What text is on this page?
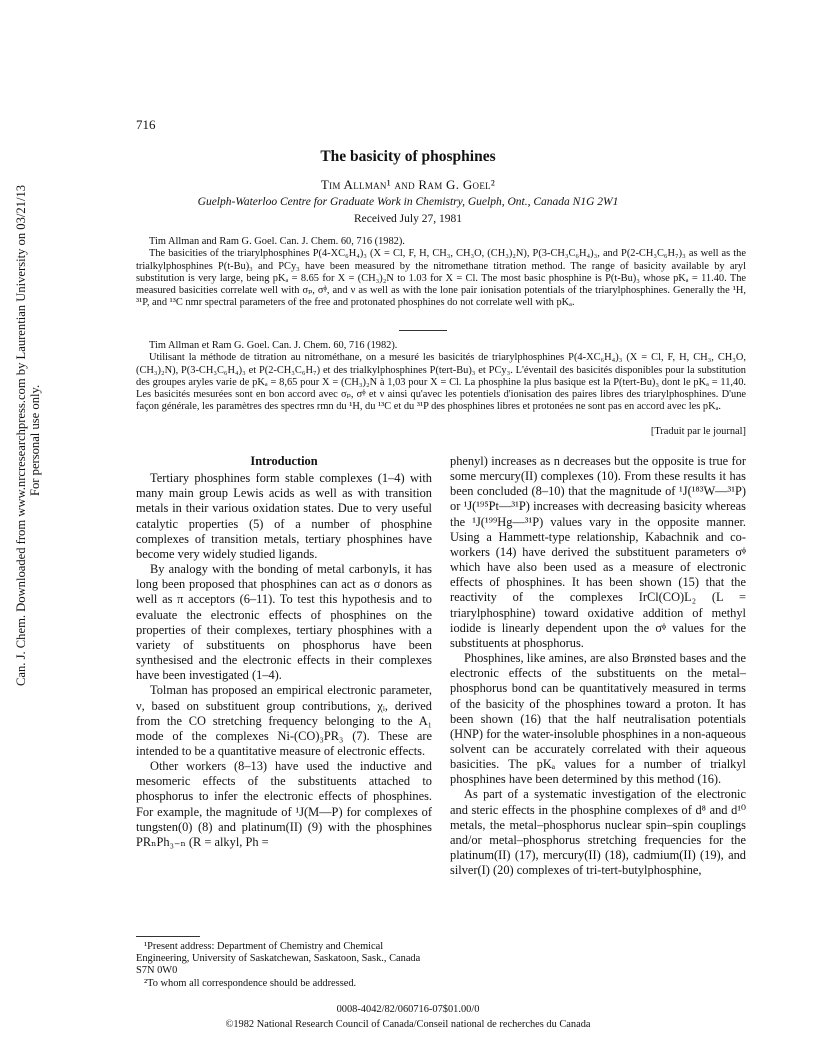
Can. J. Chem. Downloaded from www.nrcresearchpress.com by Laurentian University on 03/21/13 For personal use only.
716
The basicity of phosphines
Tim Allman¹ and Ram G. Goel²
Guelph-Waterloo Centre for Graduate Work in Chemistry, Guelph, Ont., Canada N1G 2W1
Received July 27, 1981

Tim Allman and Ram G. Goel. Can. J. Chem. 60, 716 (1982).

The basicities of the triarylphosphines P(4-XC₆H₄)₃ (X = Cl, F, H, CH₃, CH₃O, (CH₃)₂N), P(3-CH₃C₆H₄)₃, and P(2-CH₃C₆H₇)₃ as well as the trialkylphosphines P(t-Bu)₃ and PCy₃ have been measured by the nitromethane titration method. The range of basicity available by aryl substitution is very large, being pKₐ = 8.65 for X = (CH₃)₂N to 1.03 for X = Cl. The most basic phosphine is P(t-Bu)₃ whose pKₐ = 11.40. The measured basicities correlate well with σₚ, σᶲ, and ν as well as with the lone pair ionisation potentials of the triarylphosphines. Generally the ¹H, ³¹P, and ¹³C nmr spectral parameters of the free and protonated phosphines do not correlate well with pKₐ.

Tim Allman et Ram G. Goel. Can. J. Chem. 60, 716 (1982).

Utilisant la méthode de titration au nitrométhane, on a mesuré les basicités de triarylphosphines P(4-XC₆H₄)₃ (X = Cl, F, H, CH₃, CH₃O, (CH₃)₂N), P(3-CH₃C₆H₄)₃ et P(2-CH₃C₆H₇) et des trialkylphosphines P(tert-Bu)₃ et PCy₃. L'éventail des basicités disponibles pour la substitution des groupes aryles varie de pKₐ = 8,65 pour X = (CH₃)₂N à 1,03 pour X = Cl. La phosphine la plus basique est la P(tert-Bu)₃ dont le pKₐ = 11,40. Les basicités mesurées sont en bon accord avec σₚ, σᶲ et ν ainsi qu'avec les potentiels d'ionisation des paires libres des triarylphosphines. D'une façon générale, les paramètres des spectres rmn du ¹H, du ¹³C et du ³¹P des phosphines libres et protonées ne sont pas en accord avec les pKₐ.

[Traduit par le journal]
Introduction

Tertiary phosphines form stable complexes (1–4) with many main group Lewis acids as well as with transition metals in their various oxidation states. Due to very useful catalytic properties (5) of a number of phosphine complexes of transition metals, tertiary phosphines have become very widely studied ligands.

By analogy with the bonding of metal carbonyls, it has long been proposed that phosphines can act as σ donors as well as π acceptors (6–11). To test this hypothesis and to evaluate the electronic effects of phosphines on the properties of their complexes, tertiary phosphines with a variety of substituents on phosphorus have been synthesised and the electronic effects in their complexes have been investigated (1–4).

Tolman has proposed an empirical electronic parameter, ν, based on substituent group contributions, χᵢ, derived from the CO stretching frequency belonging to the A₁ mode of the complexes Ni-(CO)₃PR₃ (7). These are intended to be a quantitative measure of electronic effects.

Other workers (8–13) have used the inductive and mesomeric effects of the substituents attached to phosphorus to infer the electronic effects of phosphines. For example, the magnitude of ¹J(M—P) for complexes of tungsten(0) (8) and platinum(II) (9) with the phosphines PRₙPh₃₋ₙ (R = alkyl, Ph =

phenyl) increases as n decreases but the opposite is true for some mercury(II) complexes (10). From these results it has been concluded (8–10) that the magnitude of ¹J(¹⁸³W—³¹P) or ¹J(¹⁹⁵Pt—³¹P) increases with decreasing basicity whereas the ¹J(¹⁹⁹Hg—³¹P) values vary in the opposite manner. Using a Hammett-type relationship, Kabachnik and co-workers (14) have derived the substituent parameters σᶲ which have also been used as a measure of electronic effects of phosphines. It has been shown (15) that the reactivity of the complexes IrCl(CO)L₂ (L = triarylphosphine) toward oxidative addition of methyl iodide is linearly dependent upon the σᶲ values for the substituents at phosphorus.

Phosphines, like amines, are also Brønsted bases and the electronic effects of the substituents on the metal–phosphorus bond can be quantitatively measured in terms of the basicity of the phosphines toward a proton. It has been shown (16) that the half neutralisation potentials (HNP) for the water-insoluble phosphines in a non-aqueous solvent can be accurately correlated with their aqueous basicities. The pKₐ values for a number of trialkyl phosphines have been determined by this method (16).

As part of a systematic investigation of the electronic and steric effects in the phosphine complexes of d⁸ and d¹⁰ metals, the metal–phosphorus nuclear spin–spin couplings and/or metal–phosphorus stretching frequencies for the platinum(II) (17), mercury(II) (18), cadmium(II) (19), and silver(I) (20) complexes of tri-tert-butylphosphine,

¹Present address: Department of Chemistry and Chemical Engineering, University of Saskatchewan, Saskatoon, Sask., Canada S7N 0W0

²To whom all correspondence should be addressed.

0008-4042/82/060716-07$01.00/0
©1982 National Research Council of Canada/Conseil national de recherches du Canada
